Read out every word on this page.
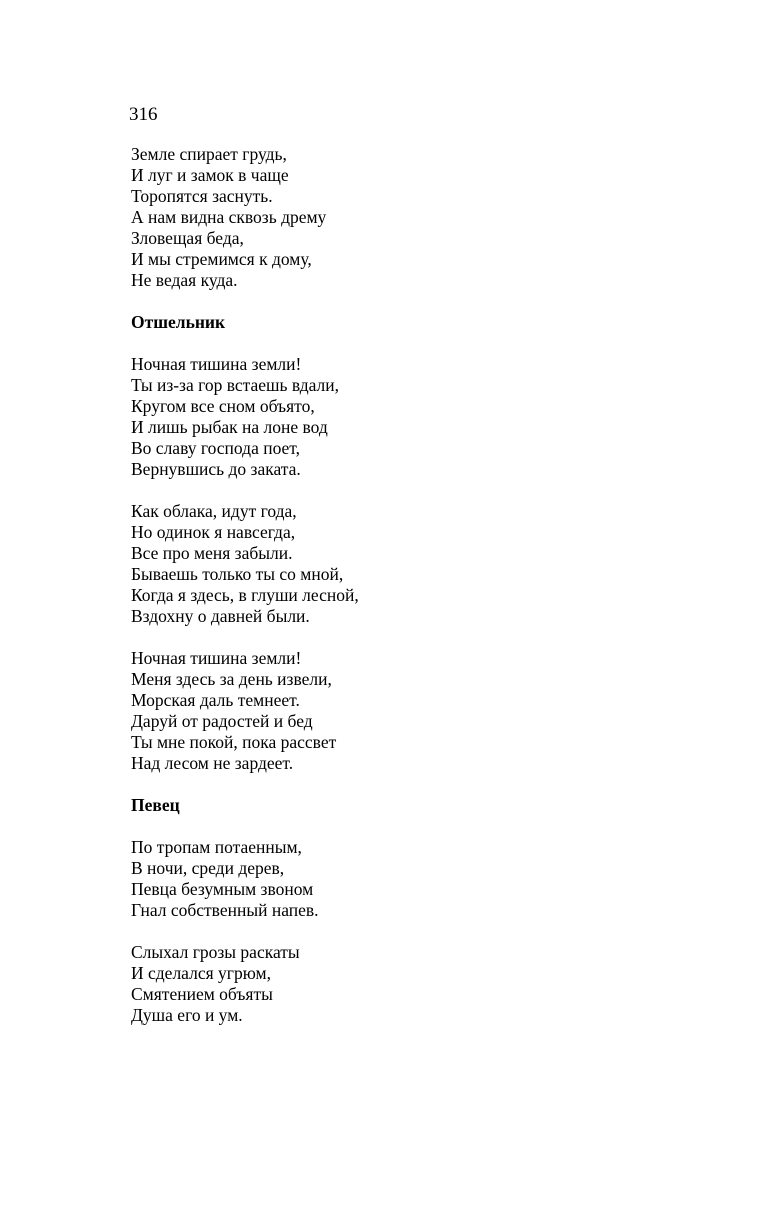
316
Земле спирает грудь,
И луг и замок в чаще
Торопятся заснуть.
А нам видна сквозь дрему
Зловещая беда,
И мы стремимся к дому,
Не ведая куда.
Отшельник
Ночная тишина земли!
Ты из-за гор встаешь вдали,
Кругом все сном объято,
И лишь рыбак на лоне вод
Во славу господа поет,
Вернувшись до заката.
Как облака, идут года,
Но одинок я навсегда,
Все про меня забыли.
Бываешь только ты со мной,
Когда я здесь, в глуши лесной,
Вздохну о давней были.
Ночная тишина земли!
Меня здесь за день извели,
Морская даль темнеет.
Даруй от радостей и бед
Ты мне покой, пока рассвет
Над лесом не зардеет.
Певец
По тропам потаенным,
В ночи, среди дерев,
Певца безумным звоном
Гнал собственный напев.
Слыхал грозы раскаты
И сделался угрюм,
Смятением объяты
Душа его и ум.
